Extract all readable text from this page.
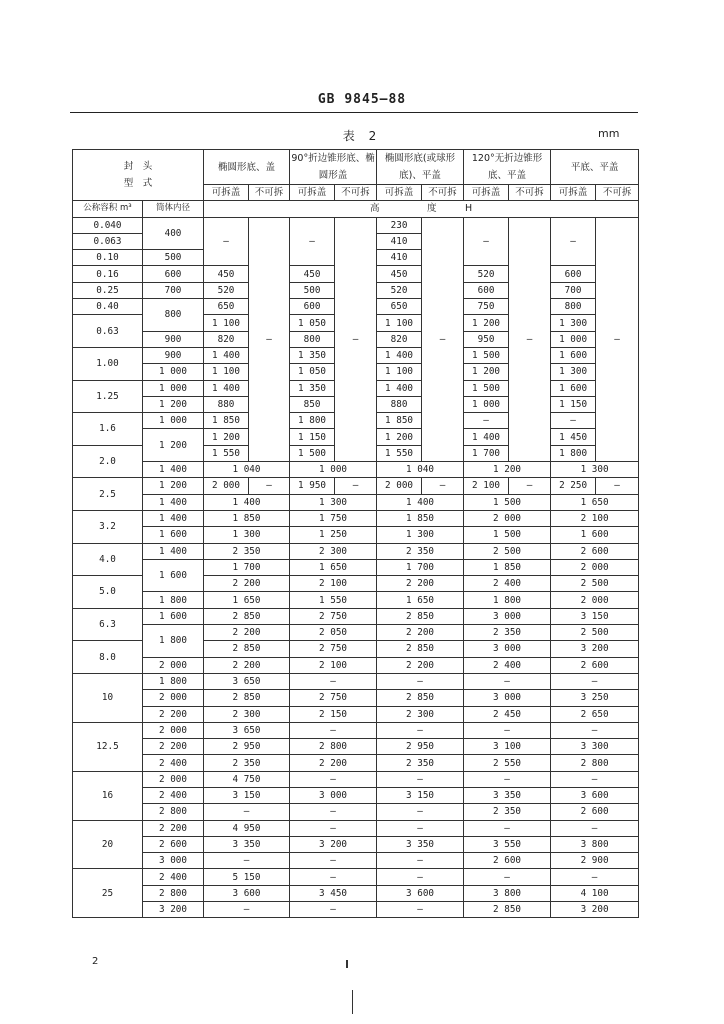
GB 9845—88
表 2	mm
封　头
型　式		椭圆形底、盖		90°折边锥形底、椭圆形盖		椭圆形底(或球形底)、平盖		120°无折边锥形底、平盖		平底、平盖	
		可拆盖	不可拆	可拆盖	不可拆	可拆盖	不可拆	可拆盖	不可拆	可拆盖	不可拆
公称容积 m³	筒体内径	高　　　　　度　　　H									
0.040	400	—	—	—	—	230	—	—	—	—	—
0.063						410					
0.10	500					410					
0.16	600	450		450		450		520		600	
0.25	700	520		500		520		600		700	
0.40	800	650		600		650		750		800	
0.63		1 100		1 050		1 100		1 200		1 300	
	900	820		800		820		950		1 000	
1.00	900	1 400		1 350		1 400		1 500		1 600	
	1 000	1 100		1 050		1 100		1 200		1 300	
1.25	1 000	1 400		1 350		1 400		1 500		1 600	
	1 200	880		850		880		1 000		1 150	
1.6	1 000	1 850		1 800		1 850		—		—	
	1 200	1 200		1 150		1 200		1 400		1 450	
2.0		1 550		1 500		1 550		1 700		1 800	
	1 400	1 040		1 000		1 040		1 200		1 300	
2.5	1 200	2 000	—	1 950	—	2 000	—	2 100	—	2 250	—
	1 400	1 400		1 300		1 400		1 500		1 650	
3.2	1 400	1 850		1 750		1 850		2 000		2 100	
	1 600	1 300		1 250		1 300		1 500		1 600	
4.0	1 400	2 350		2 300		2 350		2 500		2 600	
	1 600	1 700		1 650		1 700		1 850		2 000	
5.0		2 200		2 100		2 200		2 400		2 500	
	1 800	1 650		1 550		1 650		1 800		2 000	
6.3	1 600	2 850		2 750		2 850		3 000		3 150	
	1 800	2 200		2 050		2 200		2 350		2 500	
8.0		2 850		2 750		2 850		3 000		3 200	
	2 000	2 200		2 100		2 200		2 400		2 600	
10	1 800	3 650		—		—		—		—	
	2 000	2 850		2 750		2 850		3 000		3 250	
	2 200	2 300		2 150		2 300		2 450		2 650	
12.5	2 000	3 650		—		—		—		—	
	2 200	2 950		2 800		2 950		3 100		3 300	
	2 400	2 350		2 200		2 350		2 550		2 800	
16	2 000	4 750		—		—		—		—	
	2 400	3 150		3 000		3 150		3 350		3 600	
	2 800	—		—		—		2 350		2 600	
20	2 200	4 950		—		—		—		—	
	2 600	3 350		3 200		3 350		3 550		3 800	
	3 000	—		—		—		2 600		2 900	
25	2 400	5 150		—		—		—		—	
	2 800	3 600		3 450		3 600		3 800		4 100	
	3 200	—		—		—		2 850		3 200	
2
